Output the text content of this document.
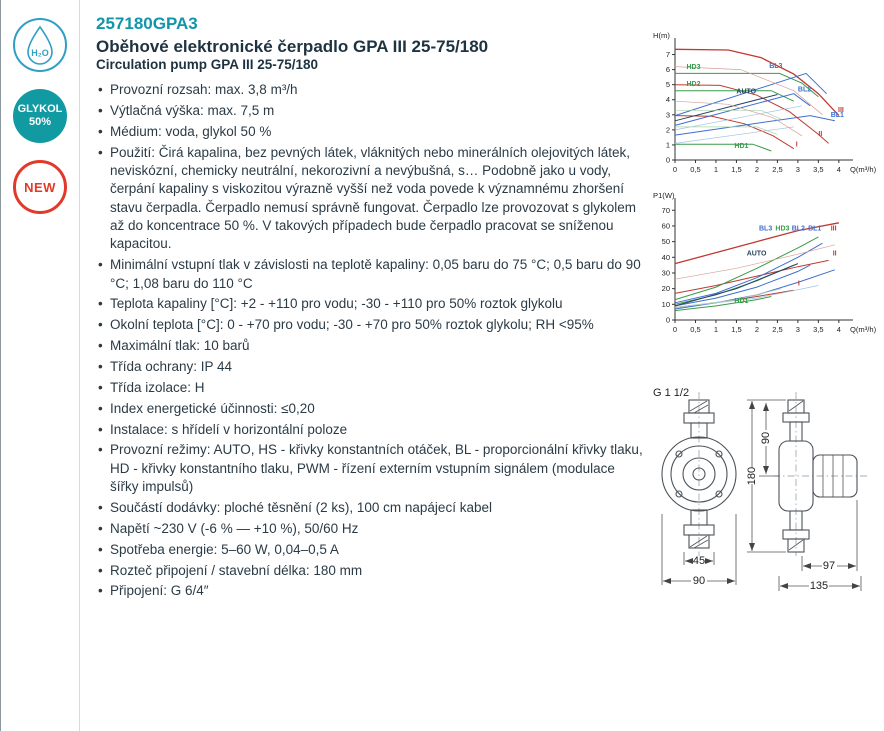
H₂O
GLYKOL
50%
NEW
257180GPA3
Oběhové elektronické čerpadlo GPA III 25-75/180
Circulation pump GPA III 25-75/180
• Provozní rozsah: max. 3,8 m³/h
• Výtlačná výška: max. 7,5 m
• Médium: voda, glykol 50 %
• Použití: Čirá kapalina, bez pevných látek, vláknitých nebo minerálních olejovitých látek, neviskózní, chemicky neutrální, nekorozivní a nevýbušná, s… Podobně jako u vody, čerpání kapaliny s viskozitou výrazně vyšší než voda povede k významnému zhoršení stavu čerpadla. Čerpadlo nemusí správně fungovat. Čerpadlo lze provozovat s glykolem až do koncentrace 50 %. V takových případech bude čerpadlo pracovat se sníženou kapacitou.
• Minimální vstupní tlak v závislosti na teplotě kapaliny: 0,05 baru do 75 °C; 0,5 baru do 90 °C; 1,08 baru do 110 °C
• Teplota kapaliny [°C]: +2 - +110 pro vodu; -30 - +110 pro 50% roztok glykolu
• Okolní teplota [°C]: 0 - +70 pro vodu; -30 - +70 pro 50% roztok glykolu; RH <95%
• Maximální tlak: 10 barů
• Třída ochrany: IP 44
• Třída izolace: H
• Index energetické účinnosti: ≤0,20
• Instalace: s hřídelí v horizontální poloze
• Provozní režimy: AUTO, HS - křivky konstantních otáček, BL - proporcionální křivky tlaku, HD - křivky konstantního tlaku, PWM - řízení externím vstupním signálem (modulace šířky impulsů)
• Součástí dodávky: ploché těsnění (2 ks), 100 cm napájecí kabel
• Napětí ~230 V (-6 % — +10 %), 50/60 Hz
• Spotřeba energie: 5–60 W, 0,04–0,5 A
• Rozteč připojení / stavební délka: 180 mm
• Připojení: G 6/4″
0
1
2
3
4
5
6
7
0 0,5 1 1,5 2 2,5 3 3,5 4
H(m)
Q(m³/h)
HD3
HD2
BL3
AUTO	BL2
BL1
III
II
I
HD1
0
10
20
30
40
50
60
70
0 0,5 1 1,5 2 2,5 3 3,5 4
P1(W)
Q(m³/h)
BL3 HD3 BL2 BL1 III
II
AUTO
I
HD1
G 1 1/2
45
90
180
90
97
135
